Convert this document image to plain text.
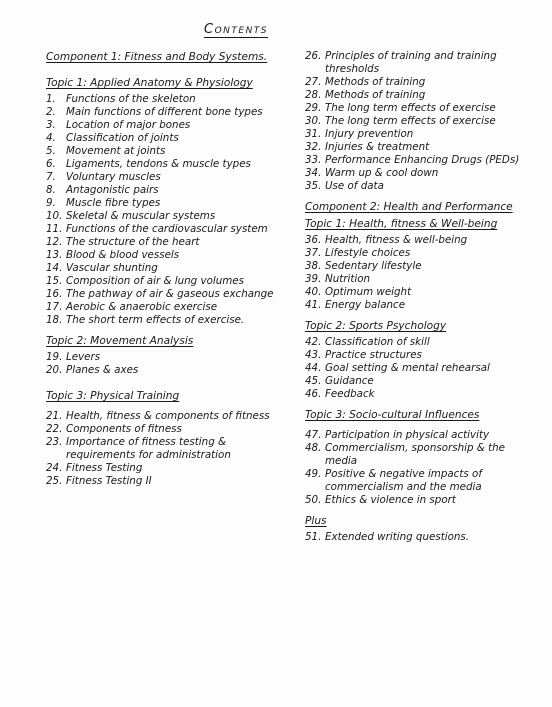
Contents
Component 1: Fitness and Body Systems.
Topic 1: Applied Anatomy & Physiology
1. Functions of the skeleton
2. Main functions of different bone types
3. Location of major bones
4. Classification of joints
5. Movement at joints
6. Ligaments, tendons & muscle types
7. Voluntary muscles
8. Antagonistic pairs
9. Muscle fibre types
10. Skeletal & muscular systems
11. Functions of the cardiovascular system
12. The structure of the heart
13. Blood & blood vessels
14. Vascular shunting
15. Composition of air & lung volumes
16. The pathway of air & gaseous exchange
17. Aerobic & anaerobic exercise
18. The short term effects of exercise.
Topic 2: Movement Analysis
19. Levers
20. Planes & axes
Topic 3: Physical Training
21. Health, fitness & components of fitness
22. Components of fitness
23. Importance of fitness testing & requirements for administration
24. Fitness Testing
25. Fitness Testing II
26. Principles of training and training thresholds
27. Methods of training
28. Methods of training
29. The long term effects of exercise
30. The long term effects of exercise
31. Injury prevention
32. Injuries & treatment
33. Performance Enhancing Drugs (PEDs)
34. Warm up & cool down
35. Use of data
Component 2: Health and Performance
Topic 1: Health, fitness & Well-being
36. Health, fitness & well-being
37. Lifestyle choices
38. Sedentary lifestyle
39. Nutrition
40. Optimum weight
41. Energy balance
Topic 2: Sports Psychology
42. Classification of skill
43. Practice structures
44. Goal setting & mental rehearsal
45. Guidance
46. Feedback
Topic 3: Socio-cultural Influences
47. Participation in physical activity
48. Commercialism, sponsorship & the media
49. Positive & negative impacts of commercialism and the media
50. Ethics & violence in sport
Plus
51. Extended writing questions.
